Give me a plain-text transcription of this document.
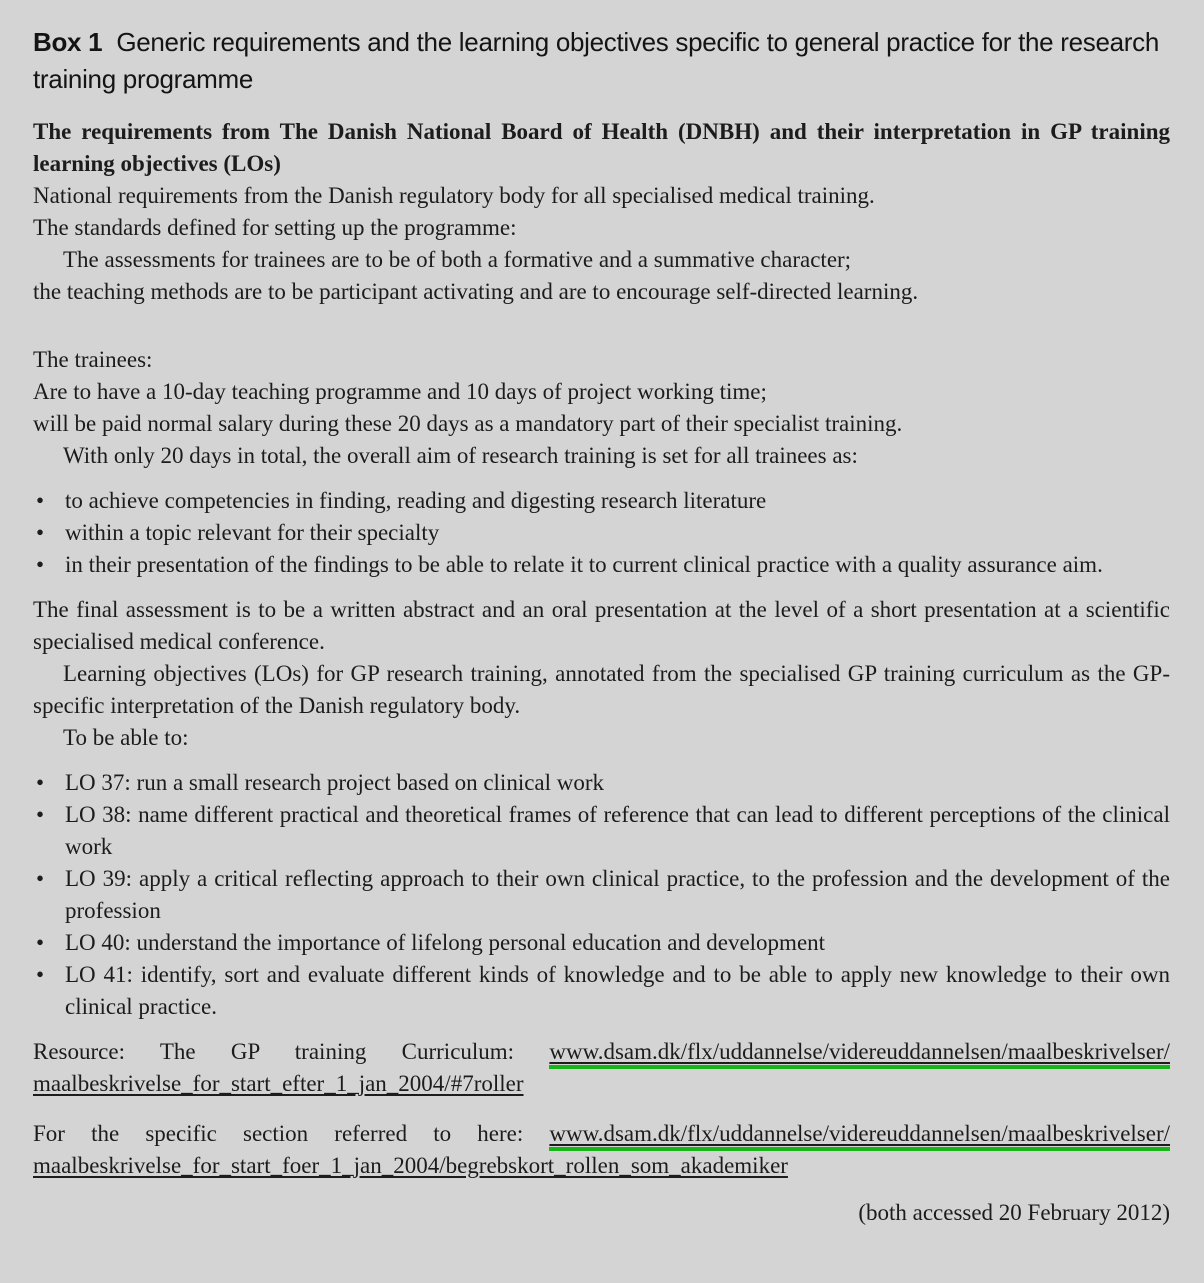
Box 1 Generic requirements and the learning objectives specific to general practice for the research training programme

The requirements from The Danish National Board of Health (DNBH) and their interpretation in GP training learning objectives (LOs)

National requirements from the Danish regulatory body for all specialised medical training.
The standards defined for setting up the programme:
The assessments for trainees are to be of both a formative and a summative character;
the teaching methods are to be participant activating and are to encourage self-directed learning.
The trainees:
Are to have a 10-day teaching programme and 10 days of project working time;
will be paid normal salary during these 20 days as a mandatory part of their specialist training.
With only 20 days in total, the overall aim of research training is set for all trainees as:
• to achieve competencies in finding, reading and digesting research literature
• within a topic relevant for their specialty
• in their presentation of the findings to be able to relate it to current clinical practice with a quality assurance aim.

The final assessment is to be a written abstract and an oral presentation at the level of a short presentation at a scientific specialised medical conference.

Learning objectives (LOs) for GP research training, annotated from the specialised GP training curriculum as the GP-specific interpretation of the Danish regulatory body.

To be able to:
• LO 37: run a small research project based on clinical work
• LO 38: name different practical and theoretical frames of reference that can lead to different perceptions of the clinical work
• LO 39: apply a critical reflecting approach to their own clinical practice, to the profession and the development of the profession
• LO 40: understand the importance of lifelong personal education and development
• LO 41: identify, sort and evaluate different kinds of knowledge and to be able to apply new knowledge to their own clinical practice.
Resource: The GP training Curriculum: www.dsam.dk/flx/uddannelse/videreuddannelsen/maalbeskrivelser/
maalbeskrivelse_for_start_efter_1_jan_2004/#7roller
For the specific section referred to here: www.dsam.dk/flx/uddannelse/videreuddannelsen/maalbeskrivelser/
maalbeskrivelse_for_start_foer_1_jan_2004/begrebskort_rollen_som_akademiker
(both accessed 20 February 2012)
